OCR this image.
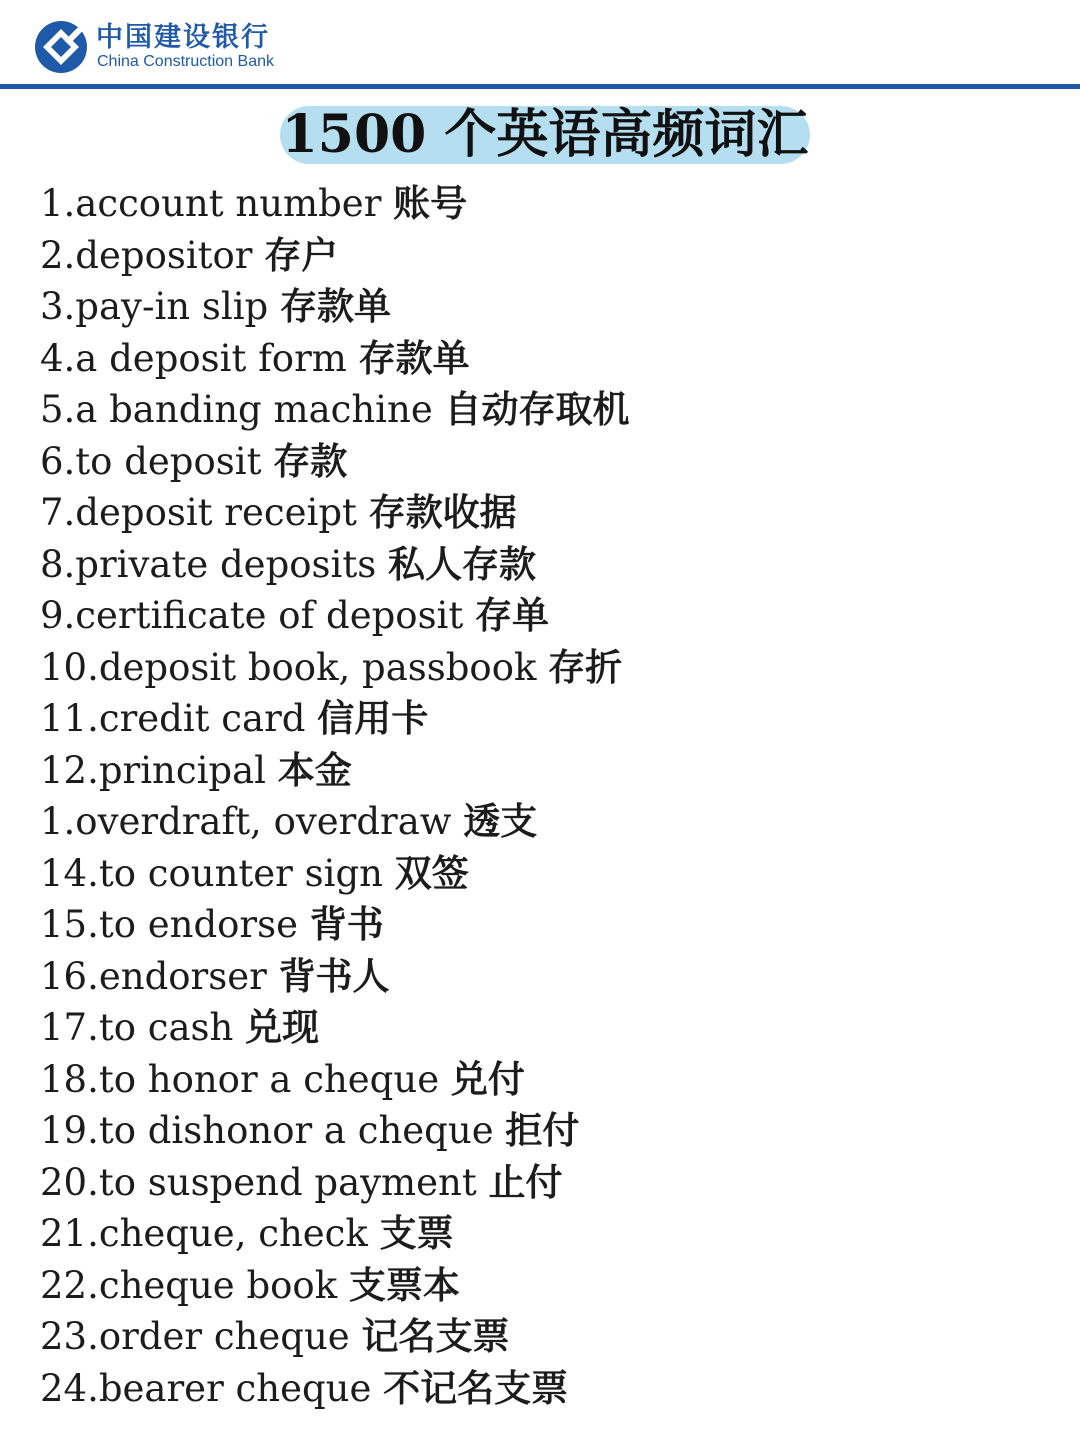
中国建设银行
China Construction Bank
1500 个英语高频词汇
1.account number 账号
2.depositor 存户
3.pay-in slip 存款单
4.a deposit form 存款单
5.a banding machine 自动存取机
6.to deposit 存款
7.deposit receipt 存款收据
8.private deposits 私人存款
9.certificate of deposit 存单
10.deposit book, passbook 存折
11.credit card 信用卡
12.principal 本金
1.overdraft, overdraw 透支
14.to counter sign 双签
15.to endorse 背书
16.endorser 背书人
17.to cash 兑现
18.to honor a cheque 兑付
19.to dishonor a cheque 拒付
20.to suspend payment 止付
21.cheque, check 支票
22.cheque book 支票本
23.order cheque 记名支票
24.bearer cheque 不记名支票
